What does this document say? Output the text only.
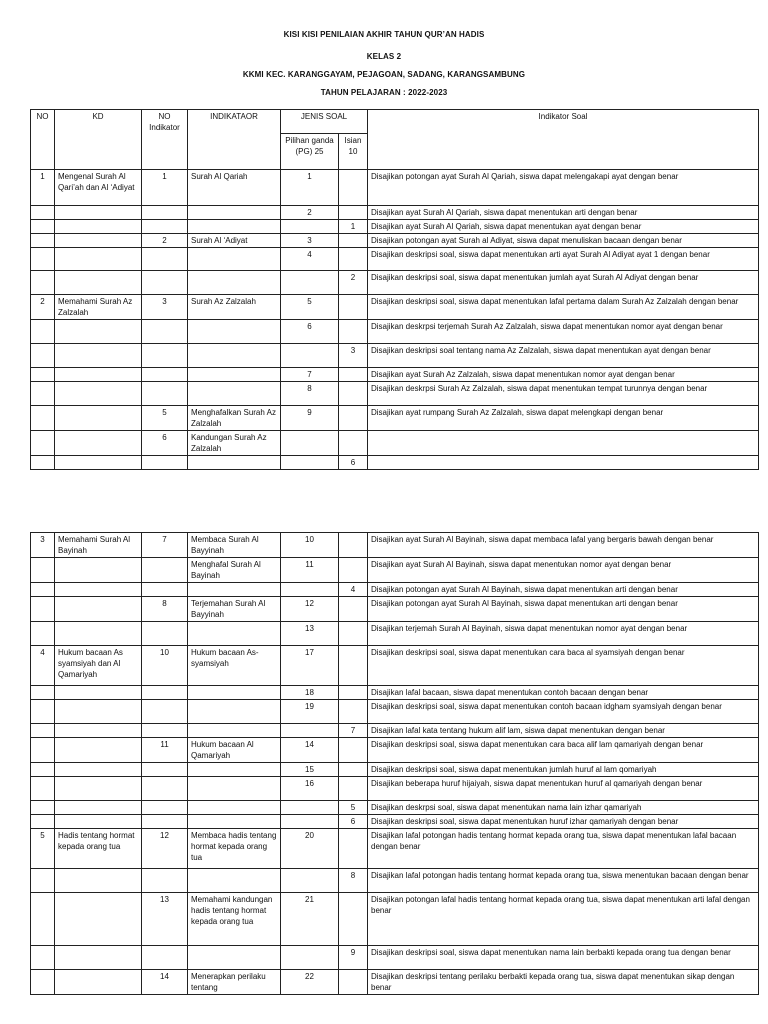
KISI KISI PENILAIAN AKHIR TAHUN QUR’AN HADIS
KELAS 2
KKMI KEC. KARANGGAYAM, PEJAGOAN, SADANG, KARANGSAMBUNG
TAHUN PELAJARAN : 2022-2023
NO	KD	NO Indikator	INDIKATAOR	JENIS SOAL		Indikator Soal
				Pilihan ganda (PG) 25	Isian 10	
1	Mengenal Surah Al Qari’ah dan Al ‘Adiyat	1	Surah Al Qariah	1		Disajikan potongan ayat Surah Al Qariah, siswa dapat melengakapi ayat dengan benar
				2		Disajikan ayat Surah Al Qariah, siswa dapat menentukan arti dengan benar
					1	Disajikan ayat Surah Al Qariah, siswa dapat menentukan ayat dengan benar
		2	Surah Al ‘Adiyat	3		Disajikan potongan ayat Surah al Adiyat, siswa dapat menuliskan bacaan dengan benar
				4		Disajikan deskripsi soal, siswa dapat menentukan arti ayat Surah Al Adiyat ayat 1 dengan benar
					2	Disajikan deskripsi soal, siswa dapat menentukan jumlah ayat Surah Al Adiyat dengan benar
2	Memahami Surah Az Zalzalah	3	Surah Az Zalzalah	5		Disajikan deskripsi soal, siswa dapat menentukan lafal pertama dalam Surah Az Zalzalah dengan benar
				6		Disajikan deskrpsi terjemah Surah Az Zalzalah, siswa dapat menentukan nomor ayat dengan benar
					3	Disajikan deskripsi soal tentang nama Az Zalzalah, siswa dapat menentukan ayat dengan benar
				7		Disajikan ayat Surah Az Zalzalah, siswa dapat menentukan nomor ayat dengan benar
				8		Disajikan deskrpsi Surah Az Zalzalah, siswa dapat menentukan tempat turunnya dengan benar
		5	Menghafalkan Surah Az Zalzalah	9		Disajikan ayat rumpang Surah Az Zalzalah, siswa dapat melengkapi dengan benar
		6	Kandungan Surah Az Zalzalah			
					6	
3	Memahami Surah Al Bayinah	7	Membaca Surah Al Bayyinah	10		Disajikan ayat Surah Al Bayinah, siswa dapat membaca lafal yang bergaris bawah dengan benar
			Menghafal Surah Al Bayinah	11		Disajikan ayat Surah Al Bayinah, siswa dapat menentukan nomor ayat dengan benar
					4	Disajikan potongan ayat Surah Al Bayinah, siswa dapat menentukan arti dengan benar
		8	Terjemahan Surah Al Bayyinah	12		Disajikan potongan ayat Surah Al Bayinah, siswa dapat menentukan arti dengan benar
				13		Disajikan terjemah Surah Al Bayinah, siswa dapat menentukan nomor ayat dengan benar
4	Hukum bacaan As syamsiyah dan Al Qamariyah	10	Hukum bacaan As-syamsiyah	17		Disajikan deskripsi soal, siswa dapat menentukan cara baca al syamsiyah dengan benar
				18		Disajikan lafal bacaan, siswa dapat menentukan contoh bacaan dengan benar
				19		Disajikan deskripsi soal, siswa dapat menentukan contoh bacaan idgham syamsiyah dengan benar
					7	Disajikan lafal kata tentang hukum alif lam, siswa dapat menentukan dengan benar
		11	Hukum bacaan Al Qamariyah	14		Disajikan deskripsi soal, siswa dapat menentukan cara baca alif lam qamariyah dengan benar
				15		Disajikan deskripsi soal, siswa dapat menentukan jumlah huruf al lam qomariyah
				16		Disajikan beberapa huruf hijaiyah, siswa dapat menentukan huruf al qamariyah dengan benar
					5	Disajikan deskrpsi soal, siswa dapat menentukan nama lain izhar qamariyah
					6	Disajikan deskripsi soal, siswa dapat menentukan huruf izhar qamariyah dengan benar
5	Hadis tentang hormat kepada orang tua	12	Membaca hadis tentang hormat kepada orang tua	20		Disajikan lafal potongan hadis tentang hormat kepada orang tua, siswa dapat menentukan lafal bacaan dengan benar
					8	Disajikan lafal potongan hadis tentang hormat kepada orang tua, siswa menentukan bacaan dengan benar
		13	Memahami kandungan hadis tentang hormat kepada orang tua	21		Disajikan potongan lafal hadis tentang hormat kepada orang tua, siswa dapat menentukan arti lafal dengan benar
					9	Disajikan deskripsi soal, siswa dapat menentukan nama lain berbakti kepada orang tua dengan benar
		14	Menerapkan perilaku tentang	22		Disajikan deskripsi tentang perilaku berbakti kepada orang tua, siswa dapat menentukan sikap dengan benar
